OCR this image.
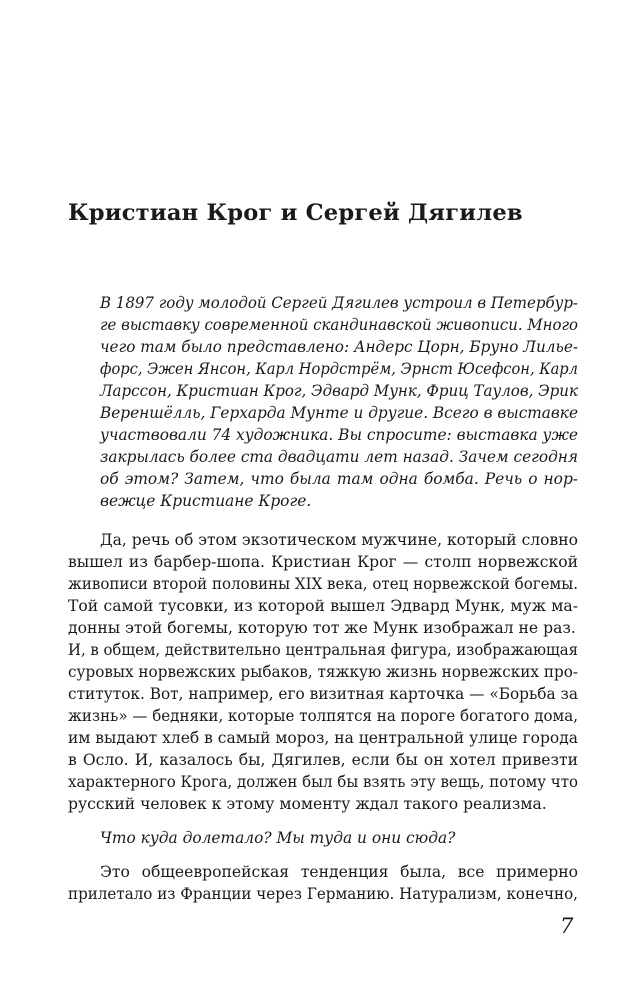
Кристиан Крог и Сергей Дягилев

В 1897 году молодой Сергей Дягилев устроил в Петербур-

ге выставку современной скандинавской живописи. Много

чего там было представлено: Андерс Цорн, Бруно Лилье-

форс, Эжен Янсон, Карл Нордстрём, Эрнст Юсефсон, Карл

Ларссон, Кристиан Крог, Эдвард Мунк, Фриц Таулов, Эрик

Вереншёлль, Герхарда Мунте и другие. Всего в выставке

участвовали 74 художника. Вы спросите: выставка уже

закрылась более ста двадцати лет назад. Зачем сегодня

об этом? Затем, что была там одна бомба. Речь о нор-

вежце Кристиане Кроге.

Да, речь об этом экзотическом мужчине, который словно

вышел из барбер-шопа. Кристиан Крог — столп норвежской

живописи второй половины XIX века, отец норвежской богемы.

Той самой тусовки, из которой вышел Эдвард Мунк, муж ма-

донны этой богемы, которую тот же Мунк изображал не раз.

И, в общем, действительно центральная фигура, изображающая

суровых норвежских рыбаков, тяжкую жизнь норвежских про-

ституток. Вот, например, его визитная карточка — «Борьба за

жизнь» — бедняки, которые толпятся на пороге богатого дома,

им выдают хлеб в самый мороз, на центральной улице города

в Осло. И, казалось бы, Дягилев, если бы он хотел привезти

характерного Крога, должен был бы взять эту вещь, потому что

русский человек к этому моменту ждал такого реализма.

Что куда долетало? Мы туда и они сюда?

Это общеевропейская тенденция была, все примерно

прилетало из Франции через Германию. Натурализм, конечно,

7
